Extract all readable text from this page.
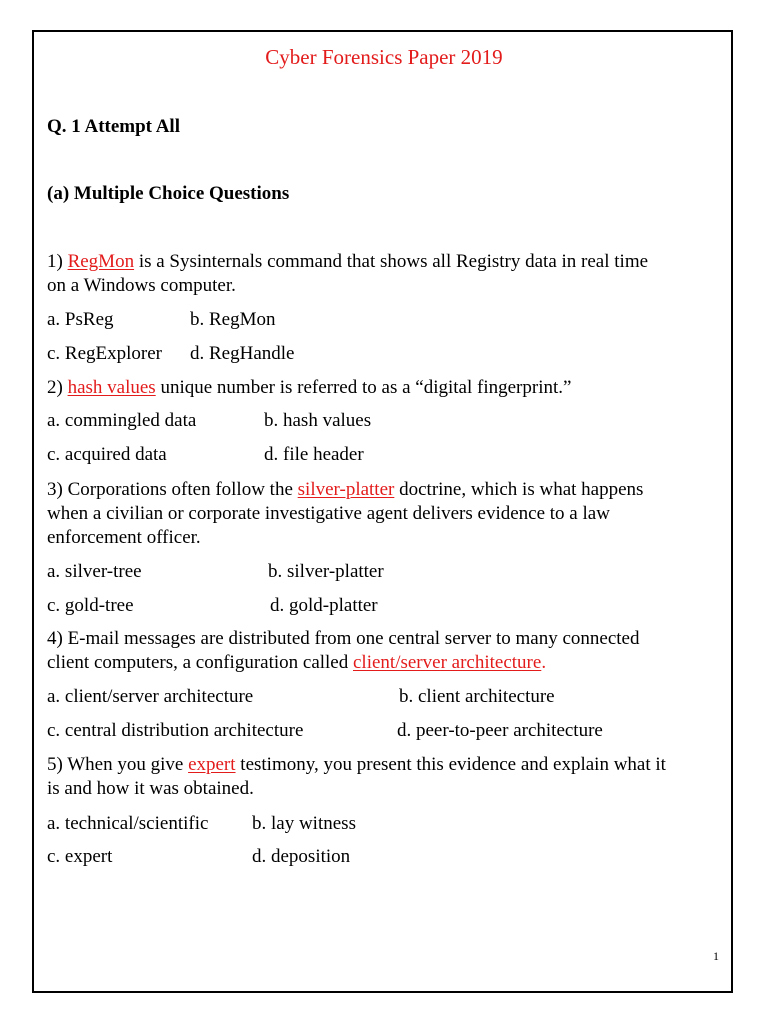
Cyber Forensics Paper 2019
Q. 1 Attempt All
(a) Multiple Choice Questions
1) RegMon is a Sysinternals command that shows all Registry data in real time
on a Windows computer.
a. PsReg	b. RegMon
c. RegExplorer d. RegHandle
2) hash values unique number is referred to as a “digital fingerprint.”
a. commingled data	b. hash values
c. acquired data	d. file header
3) Corporations often follow the silver-platter doctrine, which is what happens
when a civilian or corporate investigative agent delivers evidence to a law
enforcement officer.
a. silver-tree	b. silver-platter
c. gold-tree	d. gold-platter
4) E-mail messages are distributed from one central server to many connected
client computers, a configuration called client/server architecture.
a. client/server architecture	b. client architecture
c. central distribution architecture	d. peer-to-peer architecture
5) When you give expert testimony, you present this evidence and explain what it
is and how it was obtained.
a. technical/scientific b. lay witness
c. expert	d. deposition
1
